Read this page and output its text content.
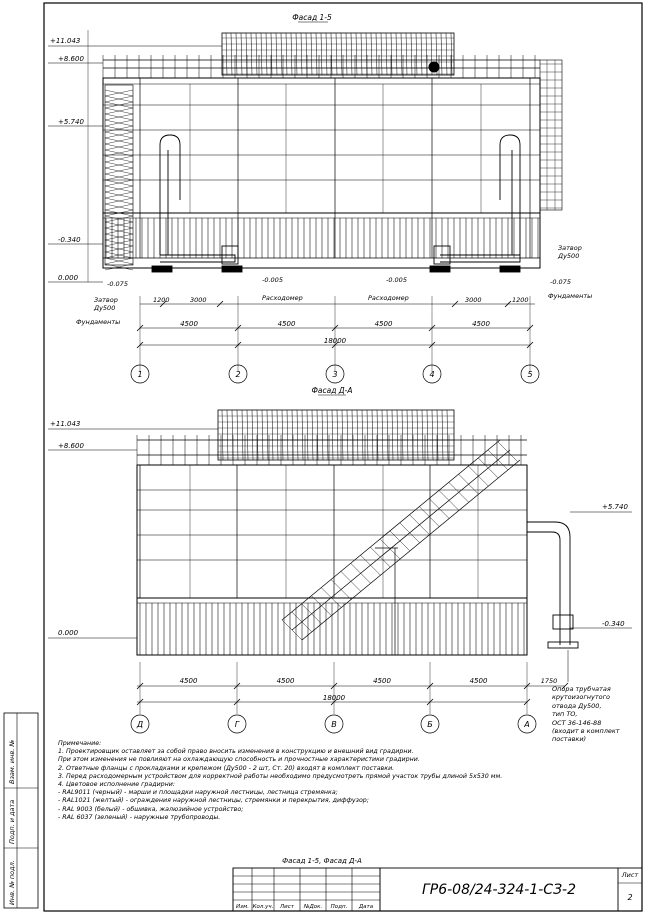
Фасад 1-5
+11.043
+8.600
+5.740
-0.340
0.000
-0.075	-0.005	-0.005	-0.075
1200	3000	3000	1200
4500	4500	4500	4500
18000
1	2	3	4	5
Фасад Д-А
+11.043
+8.600
+5.740
0.000
-0.340
4500	4500	4500	4500	1750
18000
Д	Г	В	Б	А
Фасад 1-5, Фасад Д-А
ГР6-08/24-324-1-СЗ-2
Лист
2
Изм. Кол.уч. Лист №Док. Подп. Дата
Затвор
Ду500
Затвор
Ду500
Фундаменты
Фундаменты
Расходомер	Расходомер
Опора трубчатая
крутоизогнутого
отвода Ду500,
тип ТО,
ОСТ 36-146-88
(входит в комплект
поставки)
Примечание:
1. Проектировщик оставляет за собой право вносить изменения в конструкцию и внешний вид градирни.
При этом изменения не повлияют на охлаждающую способность и прочностные характеристики градирни.
2. Ответные фланцы с прокладками и крепежом (Ду500 - 2 шт, Ст. 20) входят в комплект поставки.
3. Перед расходомерным устройством для корректной работы необходимо предусмотреть прямой участок трубы длиной 5х530 мм.
4. Цветовое исполнение градирни:
- RAL9011 (черный) - марши и площадки наружной лестницы, лестница стремянка;
- RAL1021 (желтый) - ограждения наружной лестницы, стремянки и перекрытия, диффузор;
- RAL 9003 (белый) - обшивка, жалюзийное устройство;
- RAL 6037 (зеленый) - наружные трубопроводы.
Инв. № подл.
Подп. и дата
Взам. инв. №
